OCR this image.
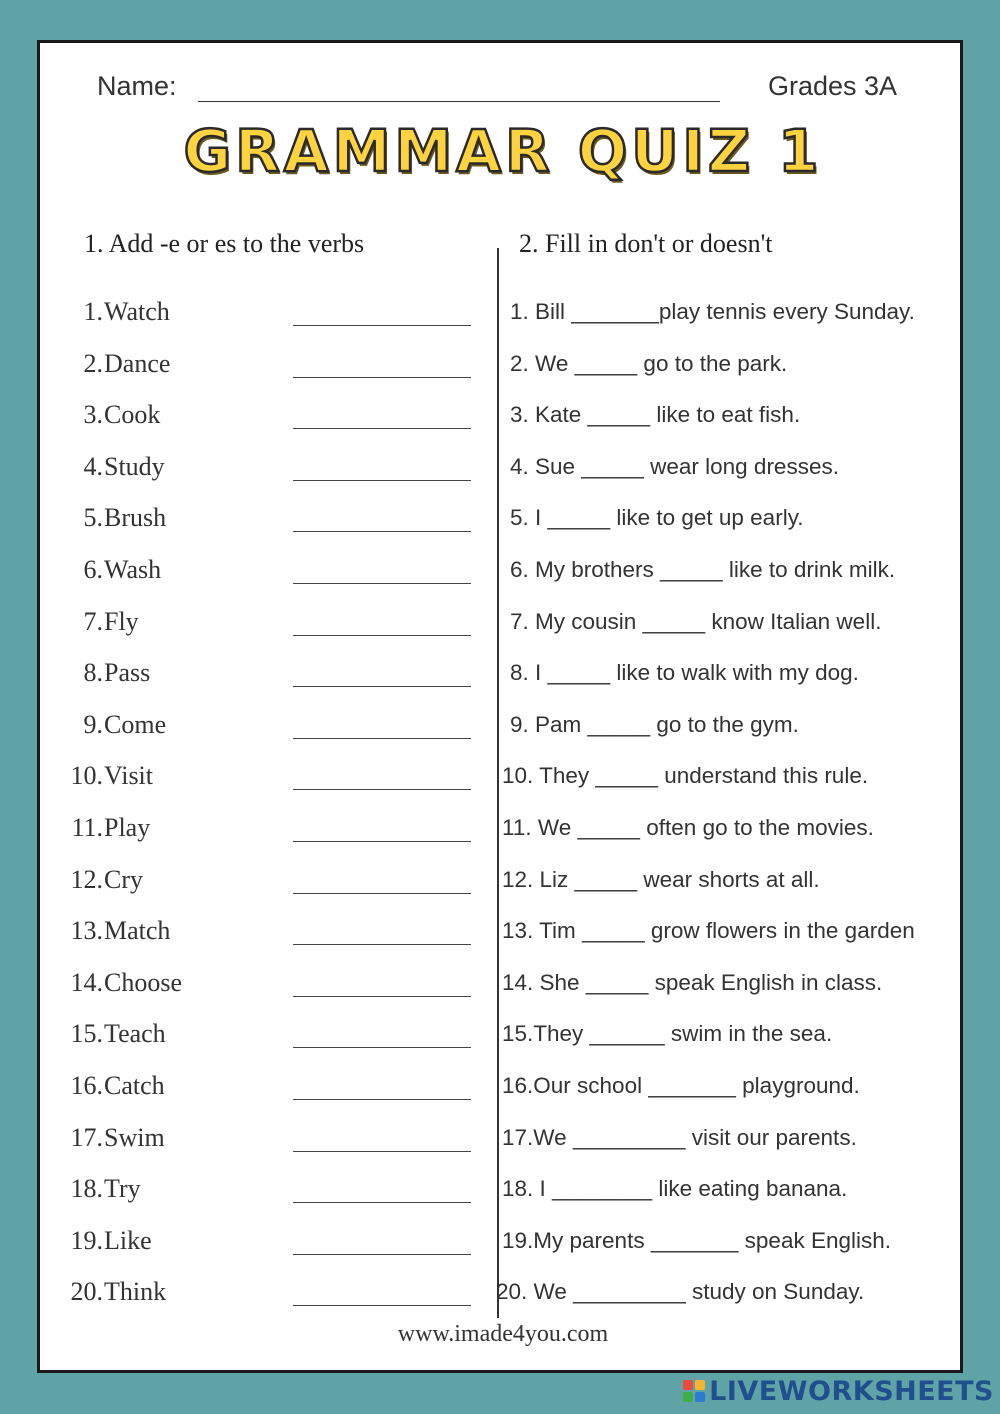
Name:	Grades 3A
GRAMMAR QUIZ 1
1. Add -e or es to the verbs	2. Fill in don't or doesn't
1. Watch
2. Dance
3. Cook
4. Study
5. Brush
6. Wash
7. Fly
8. Pass
9. Come
10. Visit
11. Play
12. Cry
13. Match
14. Choose
15. Teach
16. Catch
17. Swim
18. Try
19. Like
20. Think
1. Bill _______play tennis every Sunday.
2. We _____ go to the park.
3. Kate _____ like to eat fish.
4. Sue _____ wear long dresses.
5. I _____ like to get up early.
6. My brothers _____ like to drink milk.
7. My cousin _____ know Italian well.
8. I _____ like to walk with my dog.
9. Pam _____ go to the gym.
10. They _____ understand this rule.
11. We _____ often go to the movies.
12. Liz _____ wear shorts at all.
13. Tim _____ grow flowers in the garden
14. She _____ speak English in class.
15.They ______ swim in the sea.
16.Our school _______ playground.
17.We _________ visit our parents.
18. I ________ like eating banana.
19.My parents _______ speak English.
20. We _________ study on Sunday.
www.imade4you.com
LIVEWORKSHEETS
